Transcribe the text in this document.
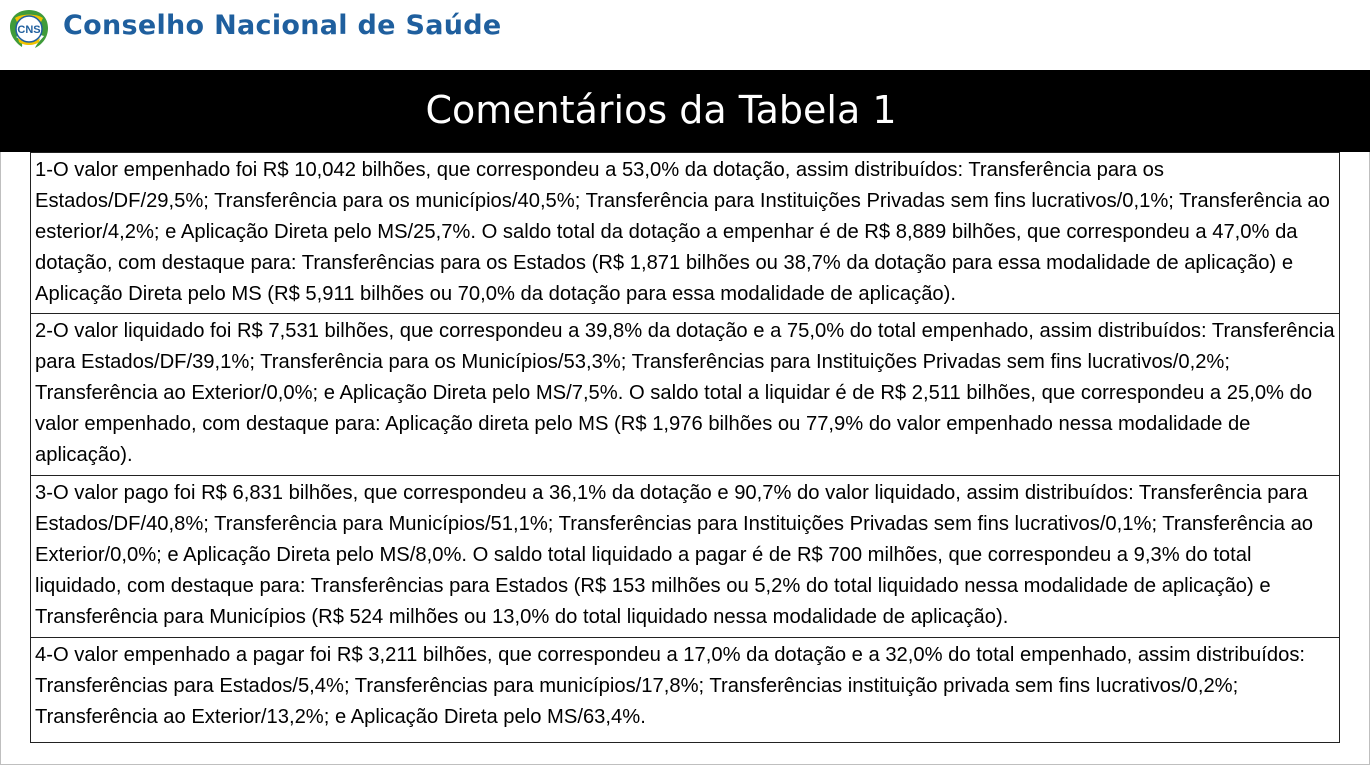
CNS Conselho Nacional de Saúde
Comentários da Tabela 1
1-O valor empenhado foi R$ 10,042 bilhões, que correspondeu a 53,0% da dotação, assim distribuídos: Transferência para os Estados/DF/29,5%; Transferência para os municípios/40,5%; Transferência para Instituições Privadas sem fins lucrativos/0,1%; Transferência ao esterior/4,2%; e Aplicação Direta pelo MS/25,7%. O saldo total da dotação a empenhar é de R$ 8,889 bilhões, que correspondeu a 47,0% da dotação, com destaque para: Transferências para os Estados (R$ 1,871 bilhões ou 38,7% da dotação para essa modalidade de aplicação) e Aplicação Direta pelo MS (R$ 5,911 bilhões ou 70,0% da dotação para essa modalidade de aplicação).
2-O valor liquidado foi R$ 7,531 bilhões, que correspondeu a 39,8% da dotação e a 75,0% do total empenhado, assim distribuídos: Transferência para Estados/DF/39,1%; Transferência para os Municípios/53,3%; Transferências para Instituições Privadas sem fins lucrativos/0,2%; Transferência ao Exterior/0,0%; e Aplicação Direta pelo MS/7,5%. O saldo total a liquidar é de R$ 2,511 bilhões, que correspondeu a 25,0% do valor empenhado, com destaque para: Aplicação direta pelo MS (R$ 1,976 bilhões ou 77,9% do valor empenhado nessa modalidade de aplicação).
3-O valor pago foi R$ 6,831 bilhões, que correspondeu a 36,1% da dotação e 90,7% do valor liquidado, assim distribuídos: Transferência para Estados/DF/40,8%; Transferência para Municípios/51,1%; Transferências para Instituições Privadas sem fins lucrativos/0,1%; Transferência ao Exterior/0,0%; e Aplicação Direta pelo MS/8,0%. O saldo total liquidado a pagar é de R$ 700 milhões, que correspondeu a 9,3% do total liquidado, com destaque para: Transferências para Estados (R$ 153 milhões ou 5,2% do total liquidado nessa modalidade de aplicação) e Transferência para Municípios (R$ 524 milhões ou 13,0% do total liquidado nessa modalidade de aplicação).
4-O valor empenhado a pagar foi R$ 3,211 bilhões, que correspondeu a 17,0% da dotação e a 32,0% do total empenhado, assim distribuídos: Transferências para Estados/5,4%; Transferências para municípios/17,8%; Transferências instituição privada sem fins lucrativos/0,2%; Transferência ao Exterior/13,2%; e Aplicação Direta pelo MS/63,4%.
